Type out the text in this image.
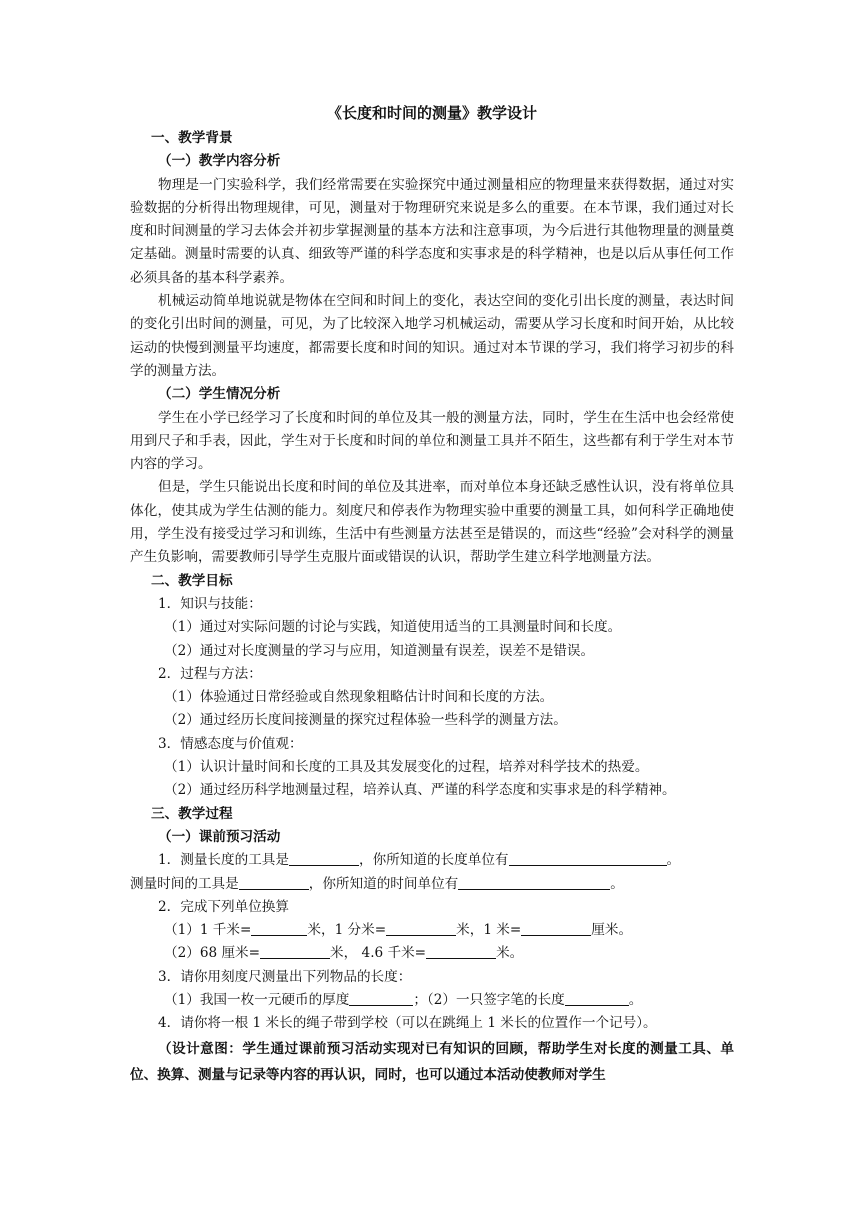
《长度和时间的测量》教学设计
一、教学背景
（一）教学内容分析
物理是一门实验科学，我们经常需要在实验探究中通过测量相应的物理量来获得数据，通过对实验数据的分析得出物理规律，可见，测量对于物理研究来说是多么的重要。在本节课，我们通过对长度和时间测量的学习去体会并初步掌握测量的基本方法和注意事项，为今后进行其他物理量的测量奠定基础。测量时需要的认真、细致等严谨的科学态度和实事求是的科学精神，也是以后从事任何工作必须具备的基本科学素养。
机械运动简单地说就是物体在空间和时间上的变化，表达空间的变化引出长度的测量，表达时间的变化引出时间的测量，可见，为了比较深入地学习机械运动，需要从学习长度和时间开始，从比较运动的快慢到测量平均速度，都需要长度和时间的知识。通过对本节课的学习，我们将学习初步的科学的测量方法。
（二）学生情况分析
学生在小学已经学习了长度和时间的单位及其一般的测量方法，同时，学生在生活中也会经常使用到尺子和手表，因此，学生对于长度和时间的单位和测量工具并不陌生，这些都有利于学生对本节内容的学习。
但是，学生只能说出长度和时间的单位及其进率，而对单位本身还缺乏感性认识，没有将单位具体化，使其成为学生估测的能力。刻度尺和停表作为物理实验中重要的测量工具，如何科学正确地使用，学生没有接受过学习和训练，生活中有些测量方法甚至是错误的，而这些“经验”会对科学的测量产生负影响，需要教师引导学生克服片面或错误的认识，帮助学生建立科学地测量方法。
二、教学目标
1．知识与技能：
（1）通过对实际问题的讨论与实践，知道使用适当的工具测量时间和长度。
（2）通过对长度测量的学习与应用，知道测量有误差，误差不是错误。
2．过程与方法：
（1）体验通过日常经验或自然现象粗略估计时间和长度的方法。
（2）通过经历长度间接测量的探究过程体验一些科学的测量方法。
3．情感态度与价值观：
（1）认识计量时间和长度的工具及其发展变化的过程，培养对科学技术的热爱。
（2）通过经历科学地测量过程，培养认真、严谨的科学态度和实事求是的科学精神。
三、教学过程
（一）课前预习活动
1．测量长度的工具是	，你所知道的长度单位有	。
测量时间的工具是	，你所知道的时间单位有	。
2．完成下列单位换算
（1）1 千米=	米，1 分米=	米，1 米=	厘米。
（2）68 厘米=	米， 4.6 千米=	米。
3．请你用刻度尺测量出下列物品的长度：
（1）我国一枚一元硬币的厚度	；（2）一只签字笔的长度	。
4．请你将一根 1 米长的绳子带到学校（可以在跳绳上 1 米长的位置作一个记号）。
（设计意图：学生通过课前预习活动实现对已有知识的回顾，帮助学生对长度的测量工具、单位、换算、测量与记录等内容的再认识，同时，也可以通过本活动使教师对学生
